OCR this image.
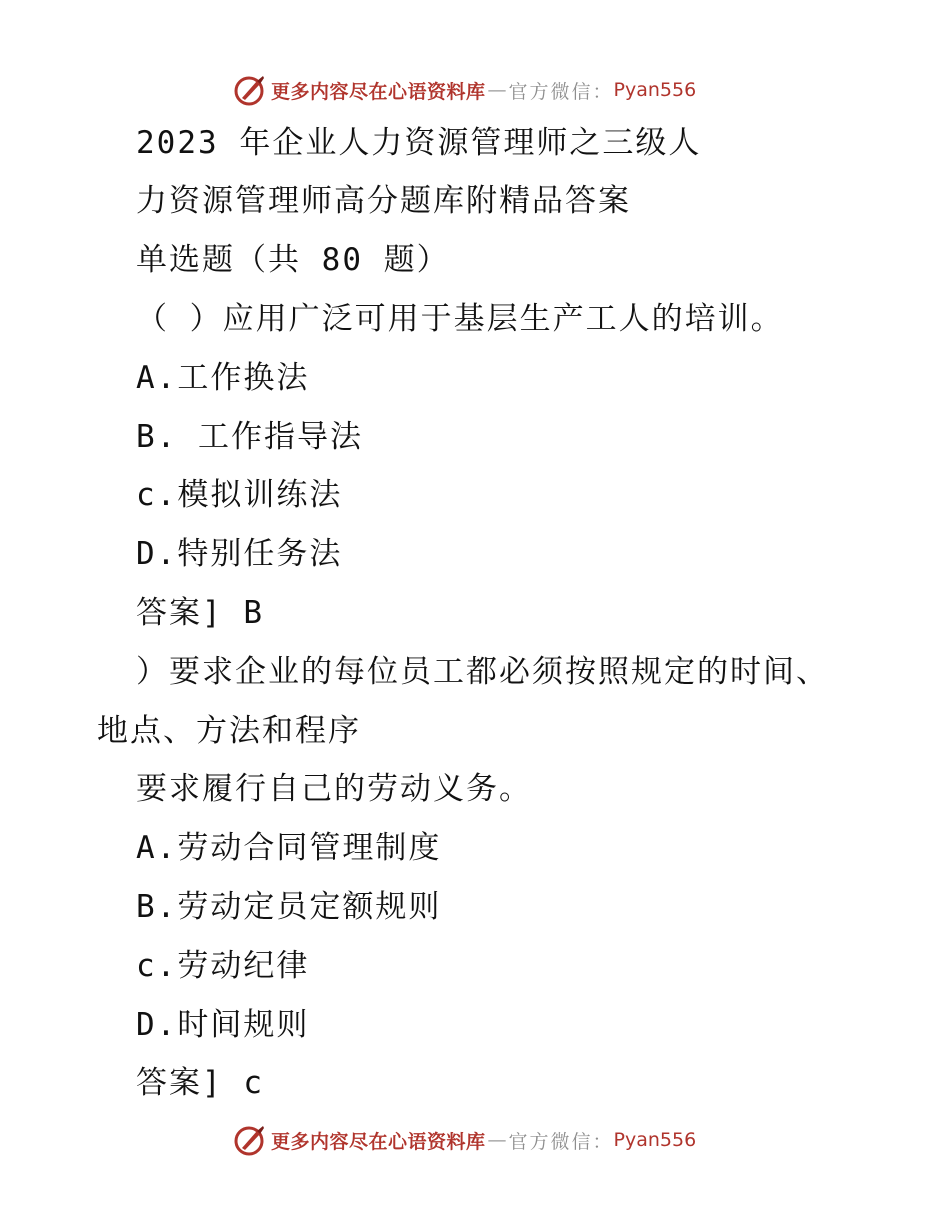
更多内容尽在心语资料库 — 官方微信： Pyan556
2023 年企业人力资源管理师之三级人
力资源管理师高分题库附精品答案
单选题（共 80 题）
（ ）应用广泛可用于基层生产工人的培训。
A.工作换法
B. 工作指导法
c.模拟训练法
D.特别任务法
答案] B
）要求企业的每位员工都必须按照规定的时间、
地点、方法和程序
要求履行自己的劳动义务。
A.劳动合同管理制度
B.劳动定员定额规则
c.劳动纪律
D.时间规则
答案] c
更多内容尽在心语资料库 — 官方微信： Pyan556
